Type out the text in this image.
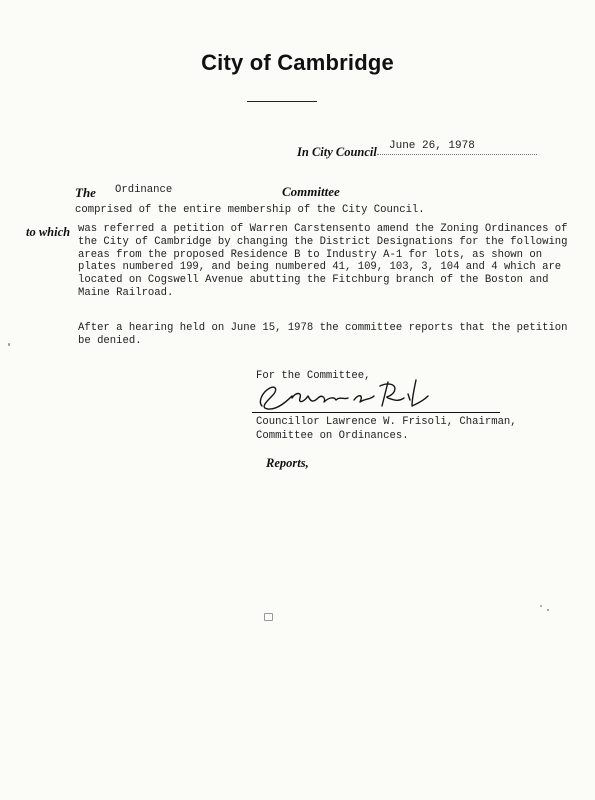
City of Cambridge
In City Council June 26, 1978
The Ordinance	Committee
comprised of the entire membership of the City Council.
to which was referred a petition of Warren Carstensento amend the Zoning Ordinances of
the City of Cambridge by changing the District Designations for the following
areas from the proposed Residence B to Industry A-1 for lots, as shown on
plates numbered 199, and being numbered 41, 109, 103, 3, 104 and 4 which are
located on Cogswell Avenue abutting the Fitchburg branch of the Boston and
Maine Railroad.
After a hearing held on June 15, 1978 the committee reports that the petition
be denied.
For the Committee,
Councillor Lawrence W. Frisoli, Chairman,
Committee on Ordinances.
Reports,
